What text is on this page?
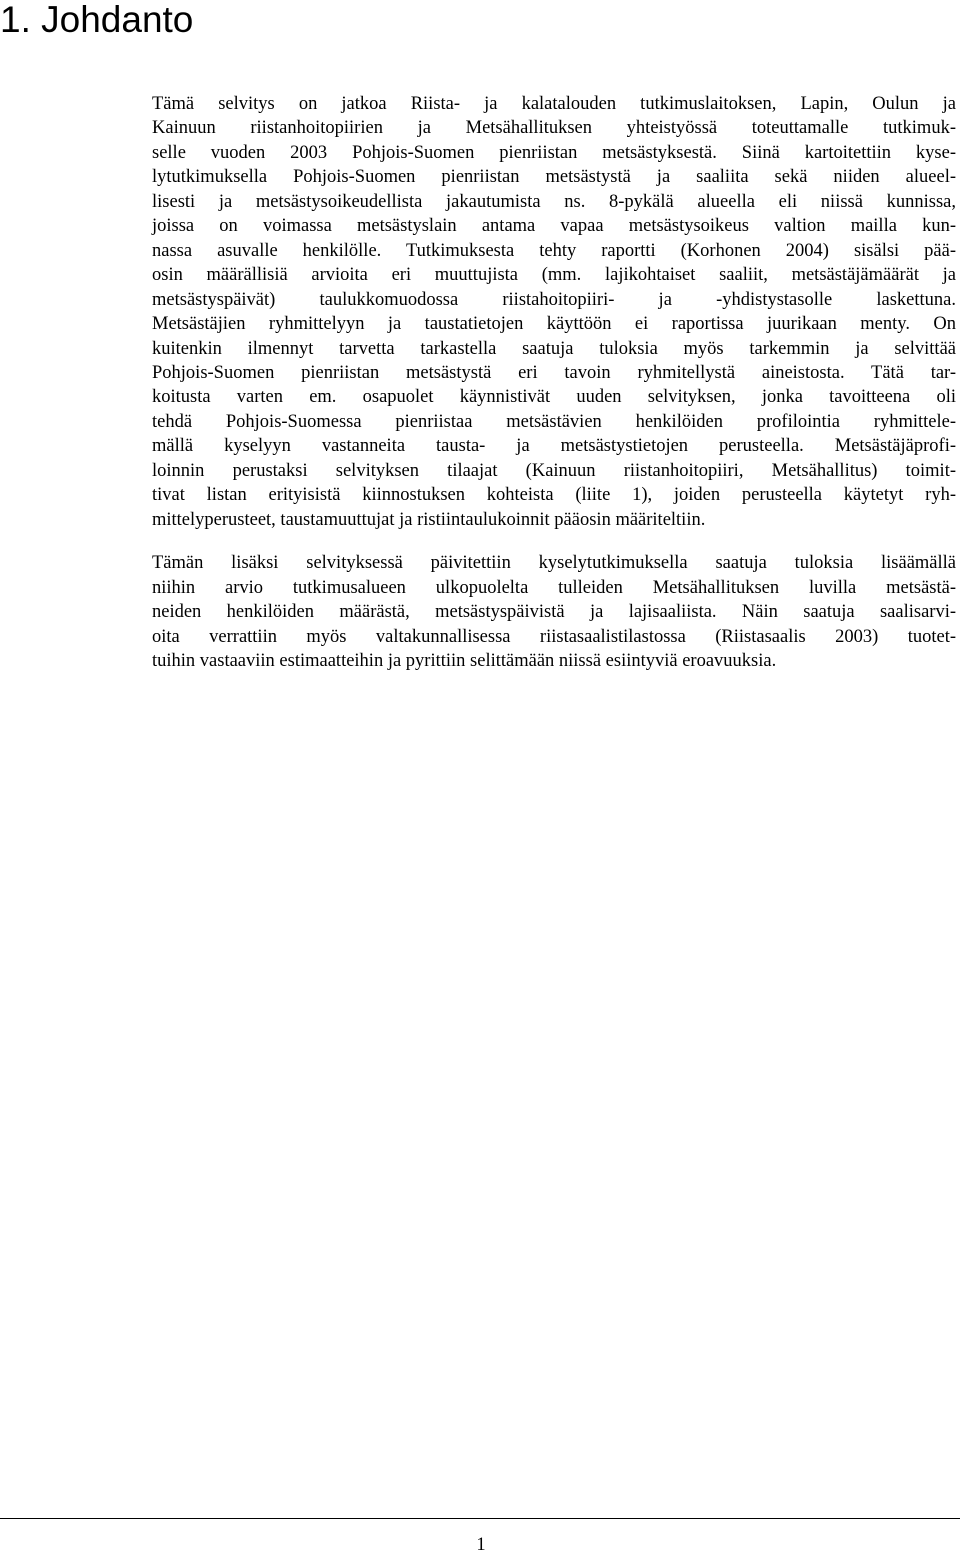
1. Johdanto

Tämä selvitys on jatkoa Riista- ja kalatalouden tutkimuslaitoksen, Lapin, Oulun ja
Kainuun riistanhoitopiirien ja Metsähallituksen yhteistyössä toteuttamalle tutkimuk-
selle vuoden 2003 Pohjois-Suomen pienriistan metsästyksestä. Siinä kartoitettiin kyse-
lytutkimuksella Pohjois-Suomen pienriistan metsästystä ja saaliita sekä niiden alueel-
lisesti ja metsästysoikeudellista jakautumista ns. 8-pykälä alueella eli niissä kunnissa,
joissa on voimassa metsästyslain antama vapaa metsästysoikeus valtion mailla kun-
nassa asuvalle henkilölle. Tutkimuksesta tehty raportti (Korhonen 2004) sisälsi pää-
osin määrällisiä arvioita eri muuttujista (mm. lajikohtaiset saaliit, metsästäjämäärät ja
metsästyspäivät) taulukkomuodossa riistahoitopiiri- ja -yhdistystasolle laskettuna.
Metsästäjien ryhmittelyyn ja taustatietojen käyttöön ei raportissa juurikaan menty. On
kuitenkin ilmennyt tarvetta tarkastella saatuja tuloksia myös tarkemmin ja selvittää
Pohjois-Suomen pienriistan metsästystä eri tavoin ryhmitellystä aineistosta. Tätä tar-
koitusta varten em. osapuolet käynnistivät uuden selvityksen, jonka tavoitteena oli
tehdä Pohjois-Suomessa pienriistaa metsästävien henkilöiden profilointia ryhmittele-
mällä kyselyyn vastanneita tausta- ja metsästystietojen perusteella. Metsästäjäprofi-
loinnin perustaksi selvityksen tilaajat (Kainuun riistanhoitopiiri, Metsähallitus) toimit-
tivat listan erityisistä kiinnostuksen kohteista (liite 1), joiden perusteella käytetyt ryh-
mittelyperusteet, taustamuuttujat ja ristiintaulukoinnit pääosin määriteltiin.

Tämän lisäksi selvityksessä päivitettiin kyselytutkimuksella saatuja tuloksia lisäämällä
niihin arvio tutkimusalueen ulkopuolelta tulleiden Metsähallituksen luvilla metsästä-
neiden henkilöiden määrästä, metsästyspäivistä ja lajisaaliista. Näin saatuja saalisarvi-
oita verrattiin myös valtakunnallisessa riistasaalistilastossa (Riistasaalis 2003) tuotet-
tuihin vastaaviin estimaatteihin ja pyrittiin selittämään niissä esiintyviä eroavuuksia.

1
